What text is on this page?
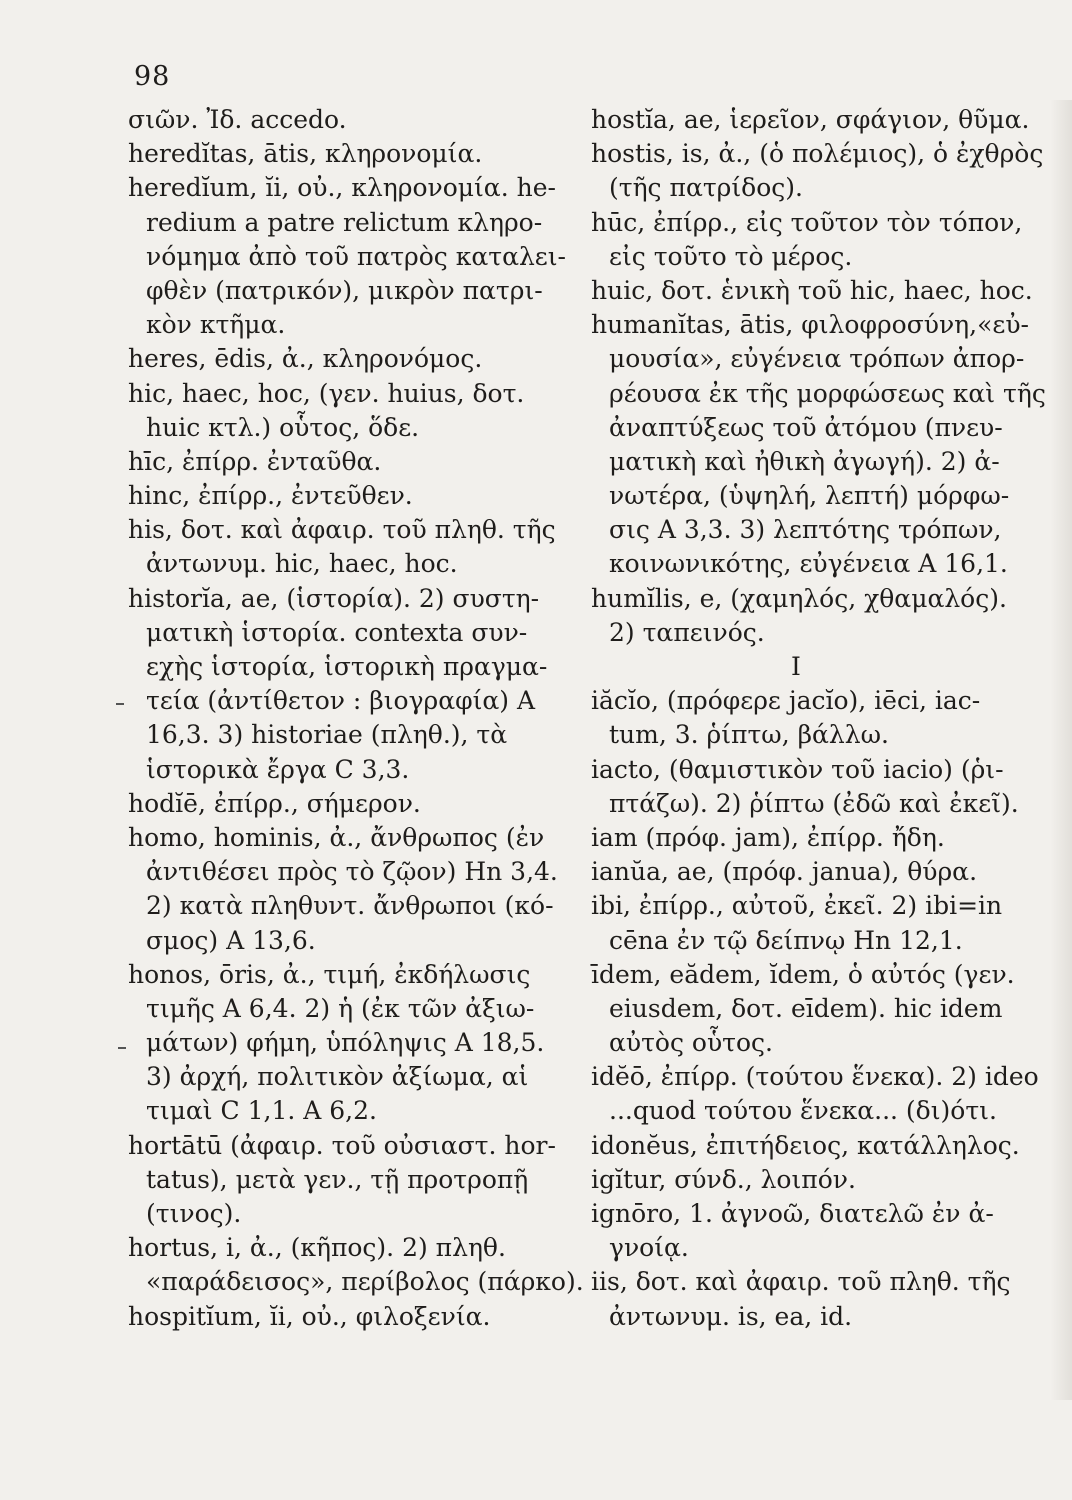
98
σιῶν. Ἰδ. accedo.
heredĭtas, ātis, κληρονομία.
heredĭum, ĭi, οὐ., κληρονομία. he-
redium a patre relictum κληρο-
νόμημα ἀπὸ τοῦ πατρὸς καταλει-
φθὲν (πατρικόν), μικρὸν πατρι-
κὸν κτῆμα.
heres, ēdis, ἀ., κληρονόμος.
hic, haec, hoc, (γεν. huius, δοτ.
huic κτλ.) οὗτος, ὅδε.
hīc, ἐπίρρ. ἐνταῦθα.
hinc, ἐπίρρ., ἐντεῦθεν.
his, δοτ. καὶ ἀφαιρ. τοῦ πληθ. τῆς
ἀντωνυμ. hic, haec, hoc.
historĭa, ae, (ἱστορία). 2) συστη-
ματικὴ ἱστορία. contexta συν-
εχὴς ἱστορία, ἱστορικὴ πραγμα-
τεία (ἀντίθετον : βιογραφία) A
16,3. 3) historiae (πληθ.), τὰ
ἱστορικὰ ἔργα C 3,3.
hodĭē, ἐπίρρ., σήμερον.
homo, hominis, ἀ., ἄνθρωπος (ἐν
ἀντιθέσει πρὸς τὸ ζῷον) Hn 3,4.
2) κατὰ πληθυντ. ἄνθρωποι (κό-
σμος) A 13,6.
honos, ōris, ἀ., τιμή, ἐκδήλωσις
τιμῆς A 6,4. 2) ἡ (ἐκ τῶν ἀξιω-
μάτων) φήμη, ὑπόληψις A 18,5.
3) ἀρχή, πολιτικὸν ἀξίωμα, αἱ
τιμαὶ C 1,1. A 6,2.
hortātū (ἀφαιρ. τοῦ οὐσιαστ. hor-
tatus), μετὰ γεν., τῇ προτροπῇ
(τινος).
hortus, i, ἀ., (κῆπος). 2) πληθ.
«παράδεισος», περίβολος (πάρκο).
hospitĭum, ĭi, οὐ., φιλοξενία.
hostĭa, ae, ἱερεῖον, σφάγιον, θῦμα.
hostis, is, ἀ., (ὁ πολέμιος), ὁ ἐχθρὸς
(τῆς πατρίδος).
hūc, ἐπίρρ., εἰς τοῦτον τὸν τόπον,
εἰς τοῦτο τὸ μέρος.
huic, δοτ. ἑνικὴ τοῦ hic, haec, hoc.
humanĭtas, ātis, φιλοφροσύνη,«εὐ-
μουσία», εὐγένεια τρόπων ἀπορ-
ρέουσα ἐκ τῆς μορφώσεως καὶ τῆς
ἀναπτύξεως τοῦ ἀτόμου (πνευ-
ματικὴ καὶ ἠθικὴ ἀγωγή). 2) ἀ-
νωτέρα, (ὑψηλή, λεπτή) μόρφω-
σις A 3,3. 3) λεπτότης τρόπων,
κοινωνικότης, εὐγένεια A 16,1.
humĭlis, e, (χαμηλός, χθαμαλός).
2) ταπεινός.
I
iăcĭo, (πρόφερε jacĭo), iēci, iac-
tum, 3. ῥίπτω, βάλλω.
iacto, (θαμιστικὸν τοῦ iacio) (ῥι-
πτάζω). 2) ῥίπτω (ἐδῶ καὶ ἐκεῖ).
iam (πρόφ. jam), ἐπίρρ. ἤδη.
ianŭa, ae, (πρόφ. janua), θύρα.
ibi, ἐπίρρ., αὐτοῦ, ἐκεῖ. 2) ibi=in
cēna ἐν τῷ δείπνῳ Hn 12,1.
īdem, eădem, ĭdem, ὁ αὐτός (γεν.
eiusdem, δοτ. eīdem). hic idem
αὐτὸς οὗτος.
idĕō, ἐπίρρ. (τούτου ἕνεκα). 2) ideo
...quod τούτου ἕνεκα... (δι)ότι.
idonĕus, ἐπιτήδειος, κατάλληλος.
igĭtur, σύνδ., λοιπόν.
ignōro, 1. ἀγνοῶ, διατελῶ ἐν ἀ-
γνοίᾳ.
iis, δοτ. καὶ ἀφαιρ. τοῦ πληθ. τῆς
ἀντωνυμ. is, ea, id.
